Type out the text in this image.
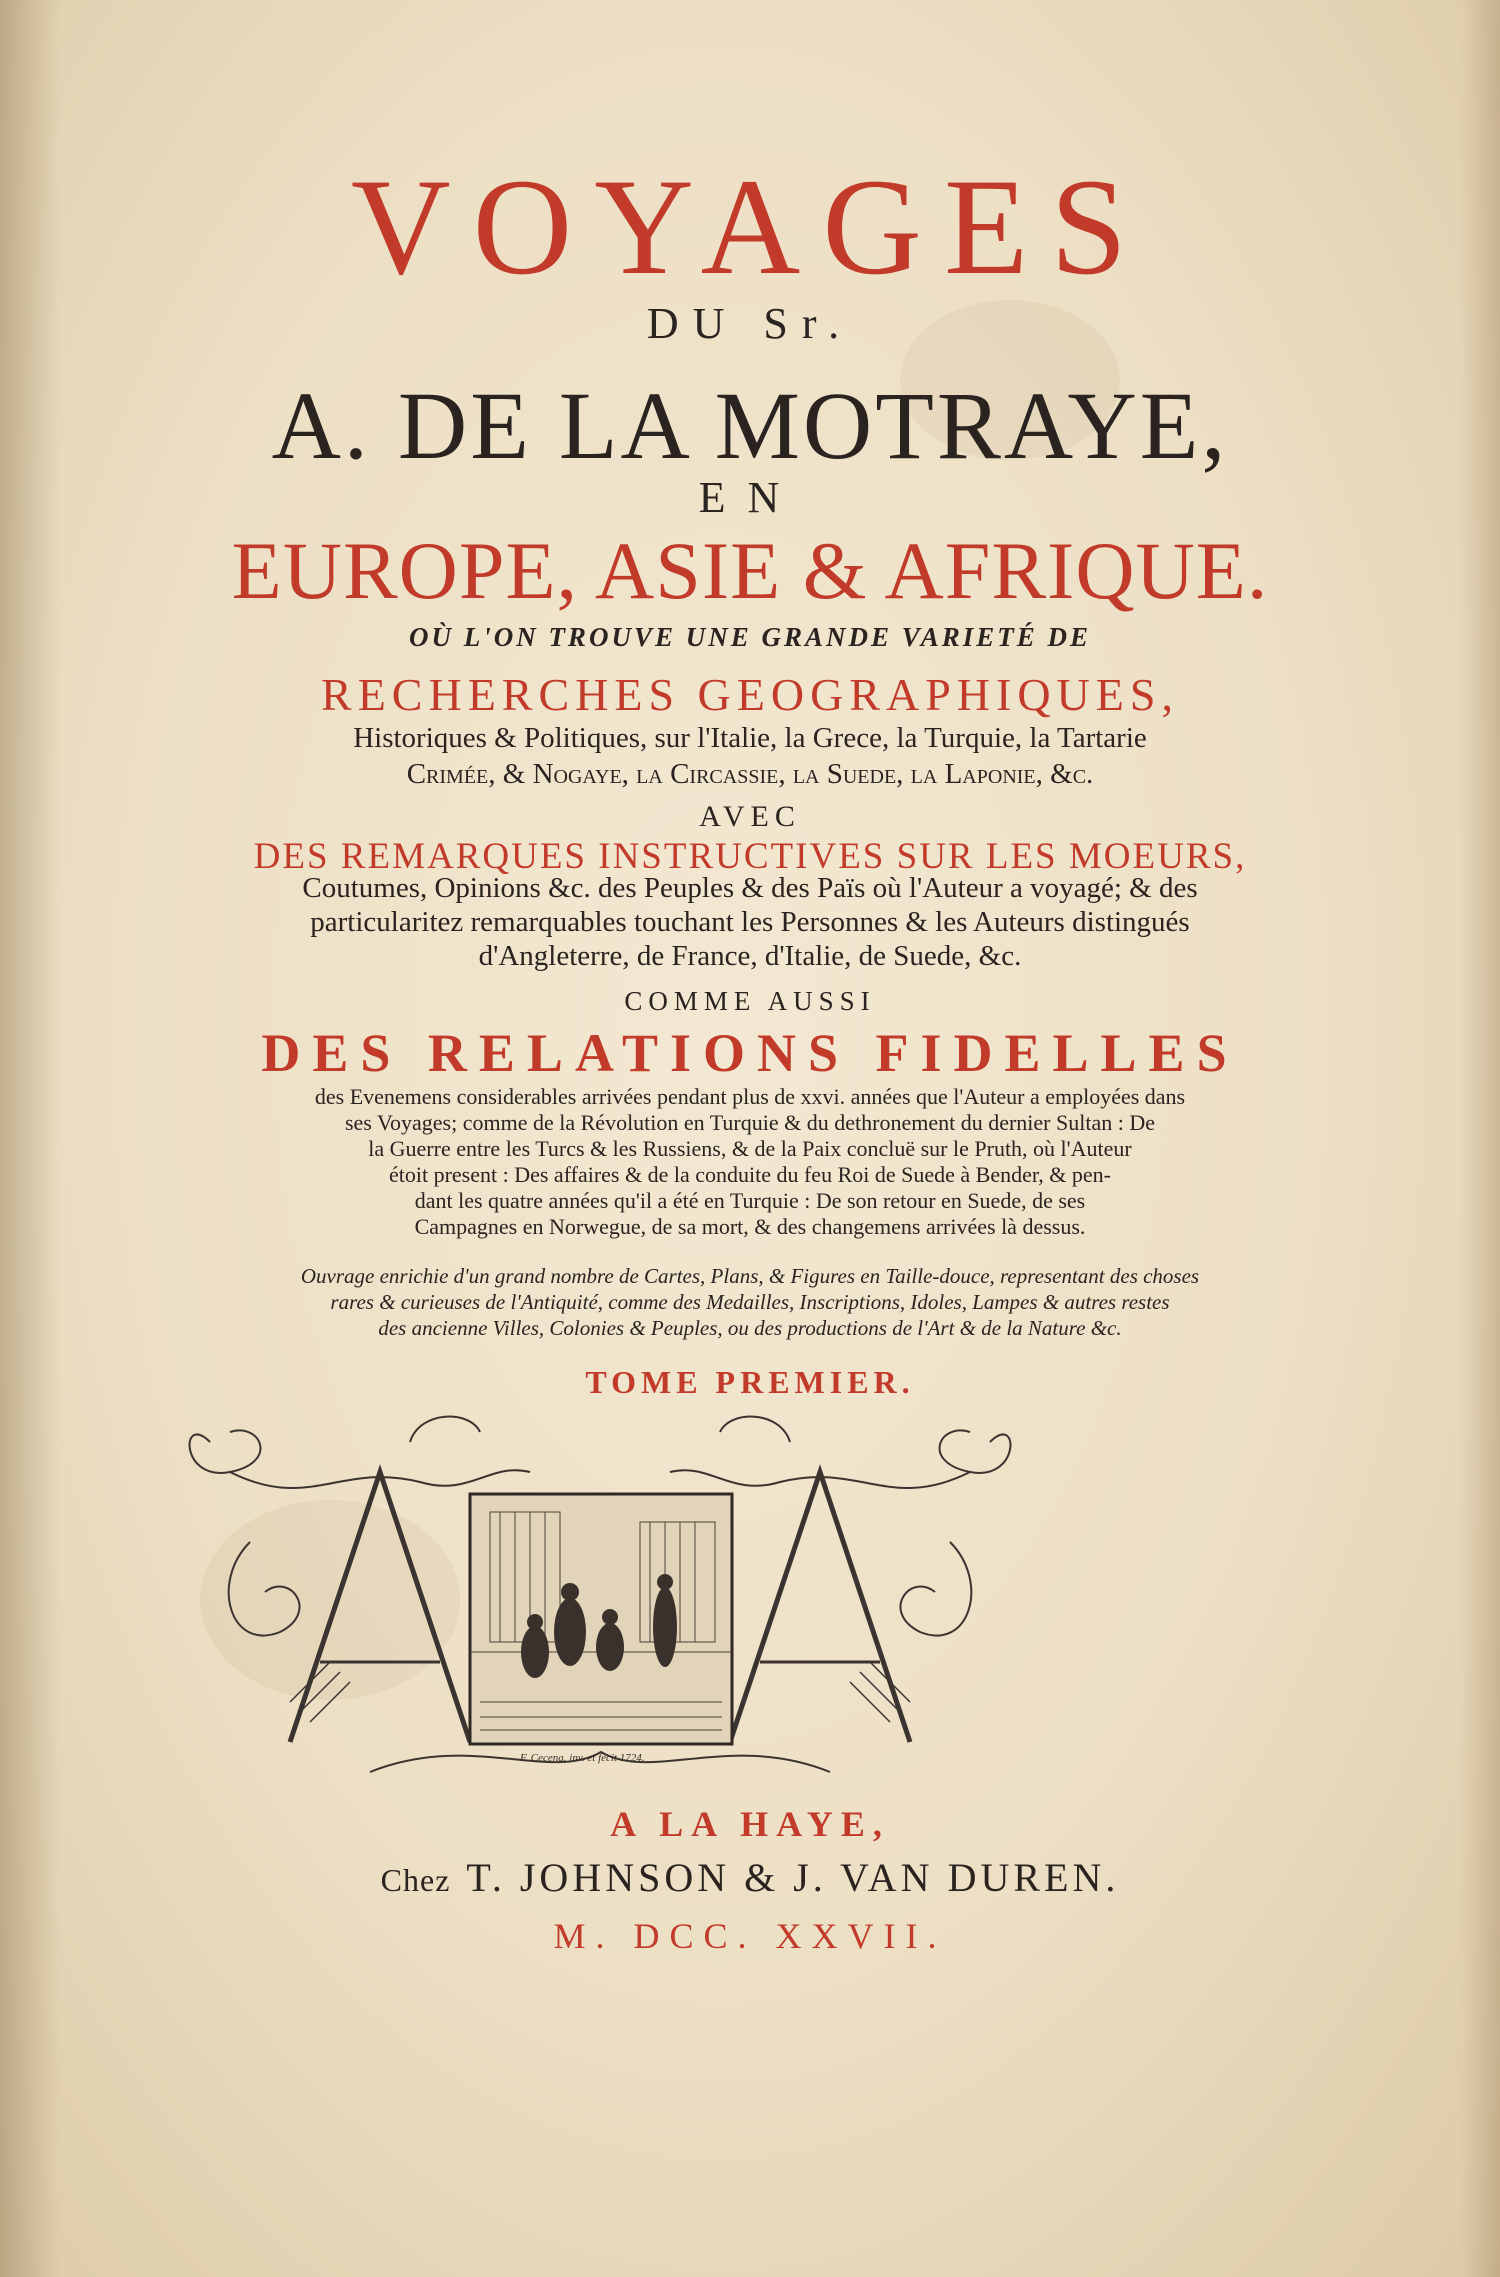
VOYAGES
DU Sr.
A. DE LA MOTRAYE,
EN
EUROPE, ASIE & AFRIQUE.
OÙ L'ON TROUVE UNE GRANDE VARIETÉ DE
RECHERCHES GEOGRAPHIQUES,
Historiques & Politiques, sur l'Italie, la Grece, la Turquie, la Tartarie
Crimée, & Nogaye, la Circassie, la Suede, la Laponie, &c.
AVEC
DES REMARQUES INSTRUCTIVES SUR LES MOEURS,
Coutumes, Opinions &c. des Peuples & des Païs où l'Auteur a voyagé; & des
particularitez remarquables touchant les Personnes & les Auteurs distingués
d'Angleterre, de France, d'Italie, de Suede, &c.
COMME AUSSI
DES RELATIONS FIDELLES
des Evenemens considerables arrivées pendant plus de xxvi. années que l'Auteur a employées dans
ses Voyages; comme de la Révolution en Turquie & du dethronement du dernier Sultan : De
la Guerre entre les Turcs & les Russiens, & de la Paix concluë sur le Pruth, où l'Auteur
étoit present : Des affaires & de la conduite du feu Roi de Suede à Bender, & pen-
dant les quatre années qu'il a été en Turquie : De son retour en Suede, de ses
Campagnes en Norwegue, de sa mort, & des changemens arrivées là dessus.
Ouvrage enrichie d'un grand nombre de Cartes, Plans, & Figures en Taille-douce, representant des choses
rares & curieuses de l'Antiquité, comme des Medailles, Inscriptions, Idoles, Lampes & autres restes
des ancienne Villes, Colonies & Peuples, ou des productions de l'Art & de la Nature &c.
TOME PREMIER.
F. Cecena. inv. et fecit 1724.
A LA HAYE,
Chez T. JOHNSON & J. VAN DUREN.
M. DCC. XXVII.
